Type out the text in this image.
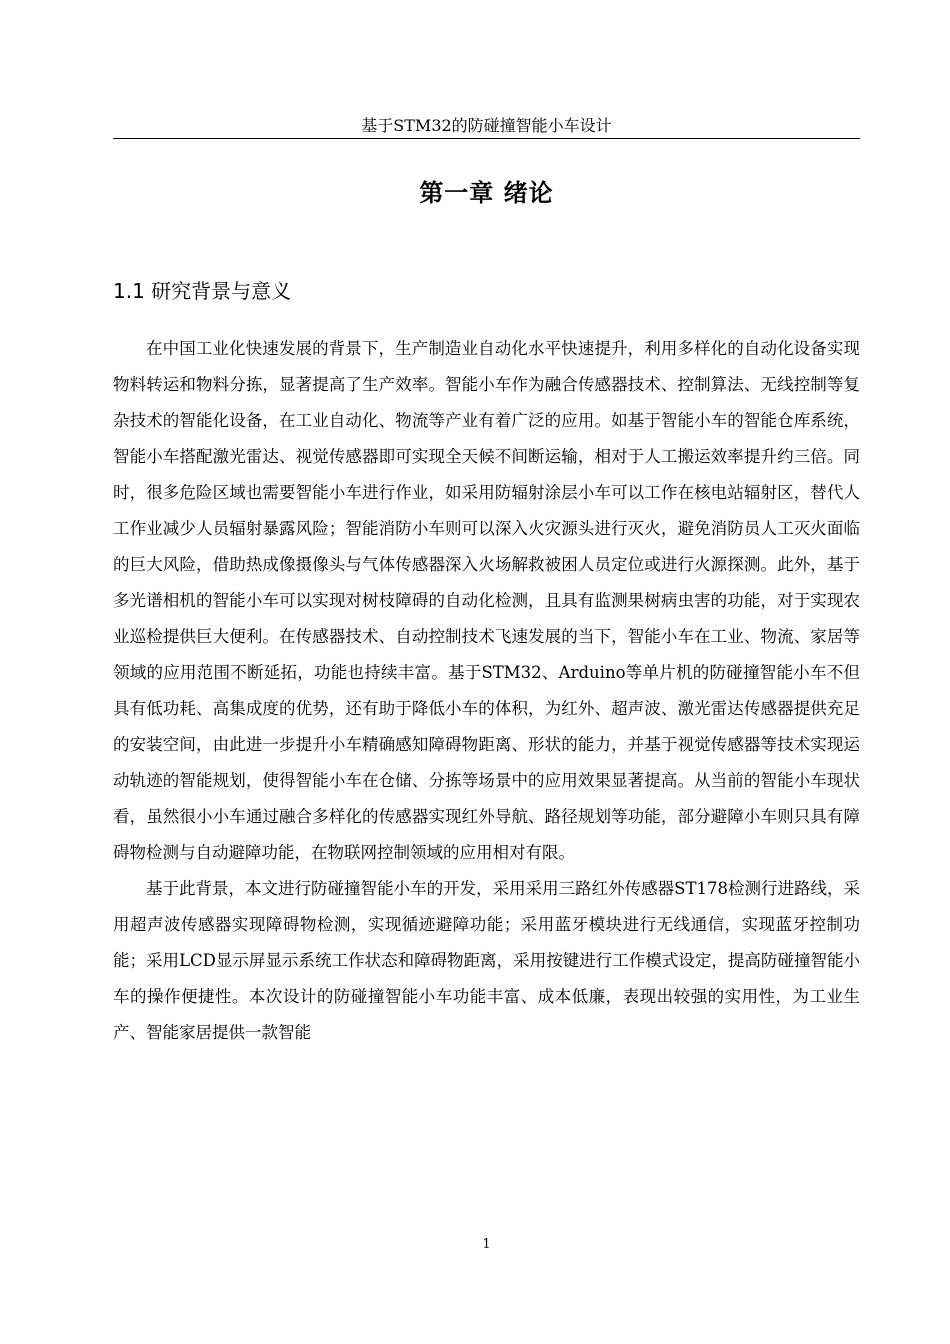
基于STM32的防碰撞智能小车设计
第一章 绪论
1.1 研究背景与意义

在中国工业化快速发展的背景下，生产制造业自动化水平快速提升，利用多样化的自动化设备实现物料转运和物料分拣，显著提高了生产效率。智能小车作为融合传感器技术、控制算法、无线控制等复杂技术的智能化设备，在工业自动化、物流等产业有着广泛的应用。如基于智能小车的智能仓库系统，智能小车搭配激光雷达、视觉传感器即可实现全天候不间断运输，相对于人工搬运效率提升约三倍。同时，很多危险区域也需要智能小车进行作业，如采用防辐射涂层小车可以工作在核电站辐射区，替代人工作业减少人员辐射暴露风险；智能消防小车则可以深入火灾源头进行灭火，避免消防员人工灭火面临的巨大风险，借助热成像摄像头与气体传感器深入火场解救被困人员定位或进行火源探测。此外，基于多光谱相机的智能小车可以实现对树枝障碍的自动化检测，且具有监测果树病虫害的功能，对于实现农业巡检提供巨大便利。在传感器技术、自动控制技术飞速发展的当下，智能小车在工业、物流、家居等领域的应用范围不断延拓，功能也持续丰富。基于STM32、Arduino等单片机的防碰撞智能小车不但具有低功耗、高集成度的优势，还有助于降低小车的体积，为红外、超声波、激光雷达传感器提供充足的安装空间，由此进一步提升小车精确感知障碍物距离、形状的能力，并基于视觉传感器等技术实现运动轨迹的智能规划，使得智能小车在仓储、分拣等场景中的应用效果显著提高。从当前的智能小车现状看，虽然很小小车通过融合多样化的传感器实现红外导航、路径规划等功能，部分避障小车则只具有障碍物检测与自动避障功能，在物联网控制领域的应用相对有限。

基于此背景，本文进行防碰撞智能小车的开发，采用采用三路红外传感器ST178检测行进路线，采用超声波传感器实现障碍物检测，实现循迹避障功能；采用蓝牙模块进行无线通信，实现蓝牙控制功能；采用LCD显示屏显示系统工作状态和障碍物距离，采用按键进行工作模式设定，提高防碰撞智能小车的操作便捷性。本次设计的防碰撞智能小车功能丰富、成本低廉，表现出较强的实用性，为工业生产、智能家居提供一款智能

1
